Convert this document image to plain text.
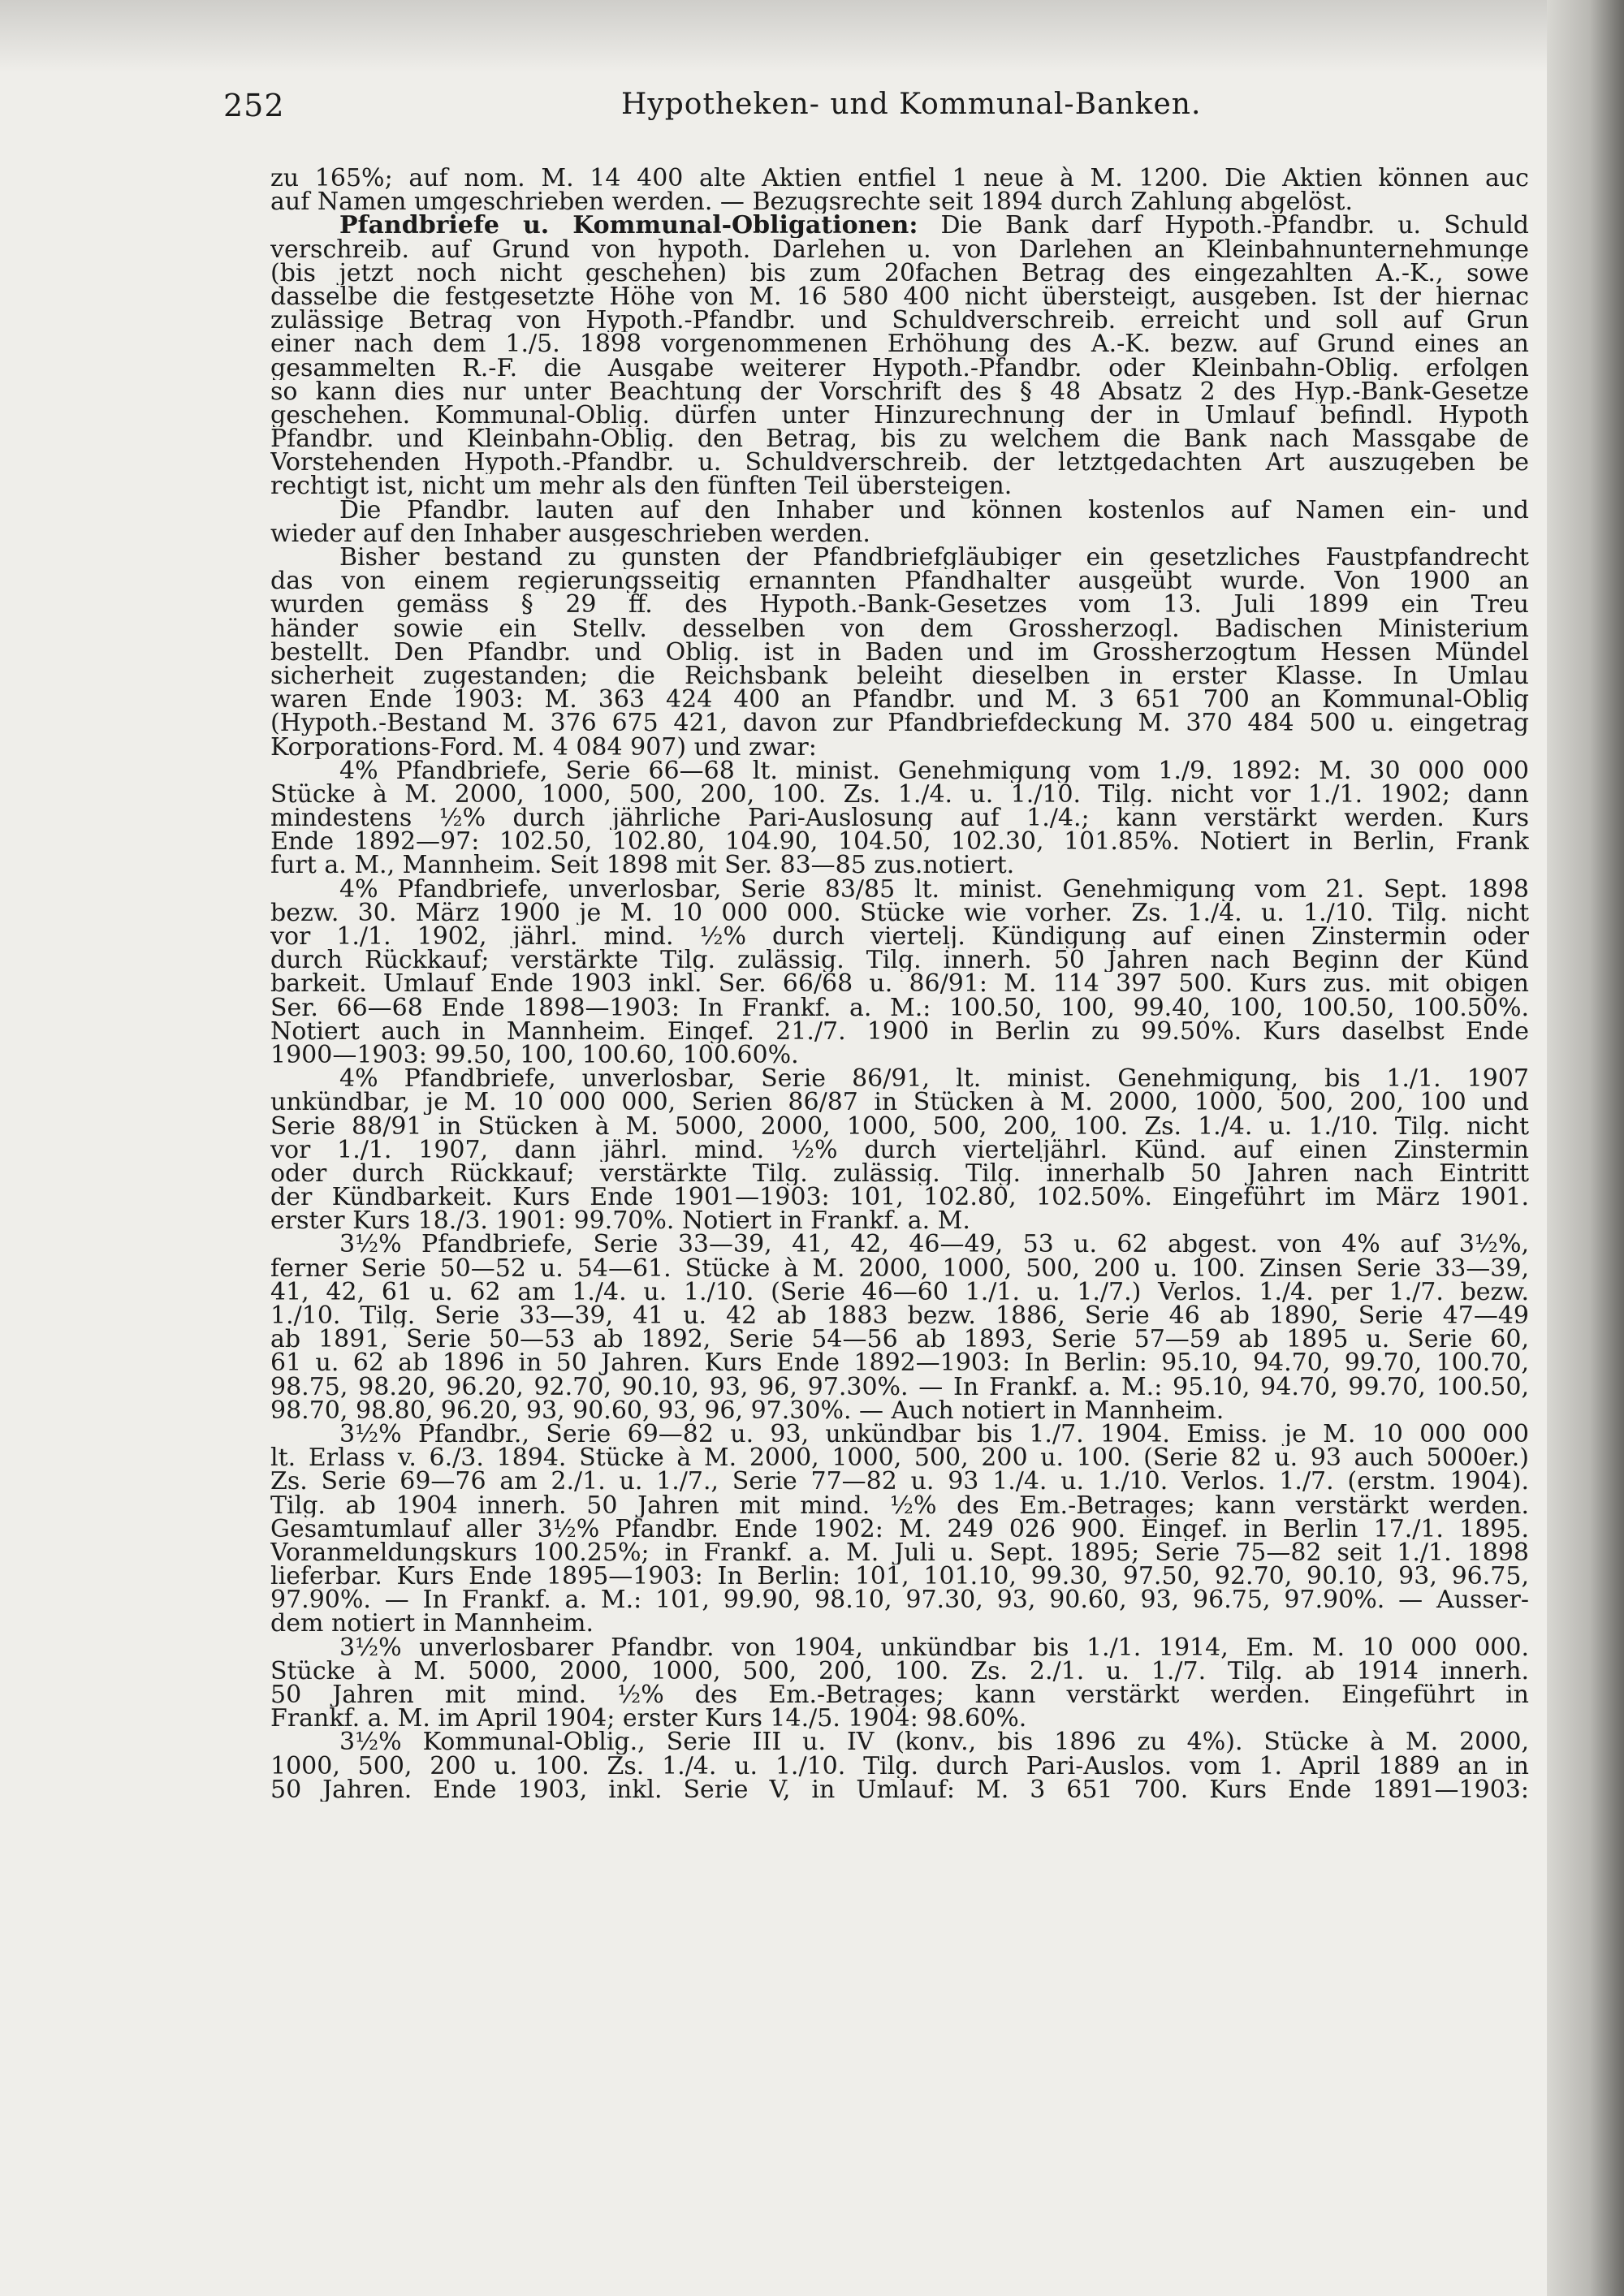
252	Hypotheken- und Kommunal-Banken.
zu 165%; auf nom. M. 14 400 alte Aktien entfiel 1 neue à M. 1200. Die Aktien können auc
auf Namen umgeschrieben werden. — Bezugsrechte seit 1894 durch Zahlung abgelöst.
Pfandbriefe u. Kommunal-Obligationen: Die Bank darf Hypoth.-Pfandbr. u. Schuld
verschreib. auf Grund von hypoth. Darlehen u. von Darlehen an Kleinbahnunternehmunge
(bis jetzt noch nicht geschehen) bis zum 20fachen Betrag des eingezahlten A.-K., sowe
dasselbe die festgesetzte Höhe von M. 16 580 400 nicht übersteigt, ausgeben. Ist der hiernac
zulässige Betrag von Hypoth.-Pfandbr. und Schuldverschreib. erreicht und soll auf Grun
einer nach dem 1./5. 1898 vorgenommenen Erhöhung des A.-K. bezw. auf Grund eines an
gesammelten R.-F. die Ausgabe weiterer Hypoth.-Pfandbr. oder Kleinbahn-Oblig. erfolgen
so kann dies nur unter Beachtung der Vorschrift des § 48 Absatz 2 des Hyp.-Bank-Gesetze
geschehen. Kommunal-Oblig. dürfen unter Hinzurechnung der in Umlauf befindl. Hypoth
Pfandbr. und Kleinbahn-Oblig. den Betrag, bis zu welchem die Bank nach Massgabe de
Vorstehenden Hypoth.-Pfandbr. u. Schuldverschreib. der letztgedachten Art auszugeben be
rechtigt ist, nicht um mehr als den fünften Teil übersteigen.
Die Pfandbr. lauten auf den Inhaber und können kostenlos auf Namen ein- und
wieder auf den Inhaber ausgeschrieben werden.
Bisher bestand zu gunsten der Pfandbriefgläubiger ein gesetzliches Faustpfandrecht
das von einem regierungsseitig ernannten Pfandhalter ausgeübt wurde. Von 1900 an
wurden gemäss § 29 ff. des Hypoth.-Bank-Gesetzes vom 13. Juli 1899 ein Treu
händer sowie ein Stellv. desselben von dem Grossherzogl. Badischen Ministerium
bestellt. Den Pfandbr. und Oblig. ist in Baden und im Grossherzogtum Hessen Mündel
sicherheit zugestanden; die Reichsbank beleiht dieselben in erster Klasse. In Umlau
waren Ende 1903: M. 363 424 400 an Pfandbr. und M. 3 651 700 an Kommunal-Oblig
(Hypoth.-Bestand M. 376 675 421, davon zur Pfandbriefdeckung M. 370 484 500 u. eingetrag
Korporations-Ford. M. 4 084 907) und zwar:
4% Pfandbriefe, Serie 66—68 lt. minist. Genehmigung vom 1./9. 1892: M. 30 000 000
Stücke à M. 2000, 1000, 500, 200, 100. Zs. 1./4. u. 1./10. Tilg. nicht vor 1./1. 1902; dann
mindestens ½% durch jährliche Pari-Auslosung auf 1./4.; kann verstärkt werden. Kurs
Ende 1892—97: 102.50, 102.80, 104.90, 104.50, 102.30, 101.85%. Notiert in Berlin, Frank
furt a. M., Mannheim. Seit 1898 mit Ser. 83—85 zus.notiert.
4% Pfandbriefe, unverlosbar, Serie 83/85 lt. minist. Genehmigung vom 21. Sept. 1898
bezw. 30. März 1900 je M. 10 000 000. Stücke wie vorher. Zs. 1./4. u. 1./10. Tilg. nicht
vor 1./1. 1902, jährl. mind. ½% durch viertelj. Kündigung auf einen Zinstermin oder
durch Rückkauf; verstärkte Tilg. zulässig. Tilg. innerh. 50 Jahren nach Beginn der Künd
barkeit. Umlauf Ende 1903 inkl. Ser. 66/68 u. 86/91: M. 114 397 500. Kurs zus. mit obigen
Ser. 66—68 Ende 1898—1903: In Frankf. a. M.: 100.50, 100, 99.40, 100, 100.50, 100.50%.
Notiert auch in Mannheim. Eingef. 21./7. 1900 in Berlin zu 99.50%. Kurs daselbst Ende
1900—1903: 99.50, 100, 100.60, 100.60%.
4% Pfandbriefe, unverlosbar, Serie 86/91, lt. minist. Genehmigung, bis 1./1. 1907
unkündbar, je M. 10 000 000, Serien 86/87 in Stücken à M. 2000, 1000, 500, 200, 100 und
Serie 88/91 in Stücken à M. 5000, 2000, 1000, 500, 200, 100. Zs. 1./4. u. 1./10. Tilg. nicht
vor 1./1. 1907, dann jährl. mind. ½% durch vierteljährl. Künd. auf einen Zinstermin
oder durch Rückkauf; verstärkte Tilg. zulässig. Tilg. innerhalb 50 Jahren nach Eintritt
der Kündbarkeit. Kurs Ende 1901—1903: 101, 102.80, 102.50%. Eingeführt im März 1901.
erster Kurs 18./3. 1901: 99.70%. Notiert in Frankf. a. M.
3½% Pfandbriefe, Serie 33—39, 41, 42, 46—49, 53 u. 62 abgest. von 4% auf 3½%,
ferner Serie 50—52 u. 54—61. Stücke à M. 2000, 1000, 500, 200 u. 100. Zinsen Serie 33—39,
41, 42, 61 u. 62 am 1./4. u. 1./10. (Serie 46—60 1./1. u. 1./7.) Verlos. 1./4. per 1./7. bezw.
1./10. Tilg. Serie 33—39, 41 u. 42 ab 1883 bezw. 1886, Serie 46 ab 1890, Serie 47—49
ab 1891, Serie 50—53 ab 1892, Serie 54—56 ab 1893, Serie 57—59 ab 1895 u. Serie 60,
61 u. 62 ab 1896 in 50 Jahren. Kurs Ende 1892—1903: In Berlin: 95.10, 94.70, 99.70, 100.70,
98.75, 98.20, 96.20, 92.70, 90.10, 93, 96, 97.30%. — In Frankf. a. M.: 95.10, 94.70, 99.70, 100.50,
98.70, 98.80, 96.20, 93, 90.60, 93, 96, 97.30%. — Auch notiert in Mannheim.
3½% Pfandbr., Serie 69—82 u. 93, unkündbar bis 1./7. 1904. Emiss. je M. 10 000 000
lt. Erlass v. 6./3. 1894. Stücke à M. 2000, 1000, 500, 200 u. 100. (Serie 82 u. 93 auch 5000er.)
Zs. Serie 69—76 am 2./1. u. 1./7., Serie 77—82 u. 93 1./4. u. 1./10. Verlos. 1./7. (erstm. 1904).
Tilg. ab 1904 innerh. 50 Jahren mit mind. ½% des Em.-Betrages; kann verstärkt werden.
Gesamtumlauf aller 3½% Pfandbr. Ende 1902: M. 249 026 900. Eingef. in Berlin 17./1. 1895.
Voranmeldungskurs 100.25%; in Frankf. a. M. Juli u. Sept. 1895; Serie 75—82 seit 1./1. 1898
lieferbar. Kurs Ende 1895—1903: In Berlin: 101, 101.10, 99.30, 97.50, 92.70, 90.10, 93, 96.75,
97.90%. — In Frankf. a. M.: 101, 99.90, 98.10, 97.30, 93, 90.60, 93, 96.75, 97.90%. — Ausser-
dem notiert in Mannheim.
3½% unverlosbarer Pfandbr. von 1904, unkündbar bis 1./1. 1914, Em. M. 10 000 000.
Stücke à M. 5000, 2000, 1000, 500, 200, 100. Zs. 2./1. u. 1./7. Tilg. ab 1914 innerh.
50 Jahren mit mind. ½% des Em.-Betrages; kann verstärkt werden. Eingeführt in
Frankf. a. M. im April 1904; erster Kurs 14./5. 1904: 98.60%.
3½% Kommunal-Oblig., Serie III u. IV (konv., bis 1896 zu 4%). Stücke à M. 2000,
1000, 500, 200 u. 100. Zs. 1./4. u. 1./10. Tilg. durch Pari-Auslos. vom 1. April 1889 an in
50 Jahren. Ende 1903, inkl. Serie V, in Umlauf: M. 3 651 700. Kurs Ende 1891—1903:
